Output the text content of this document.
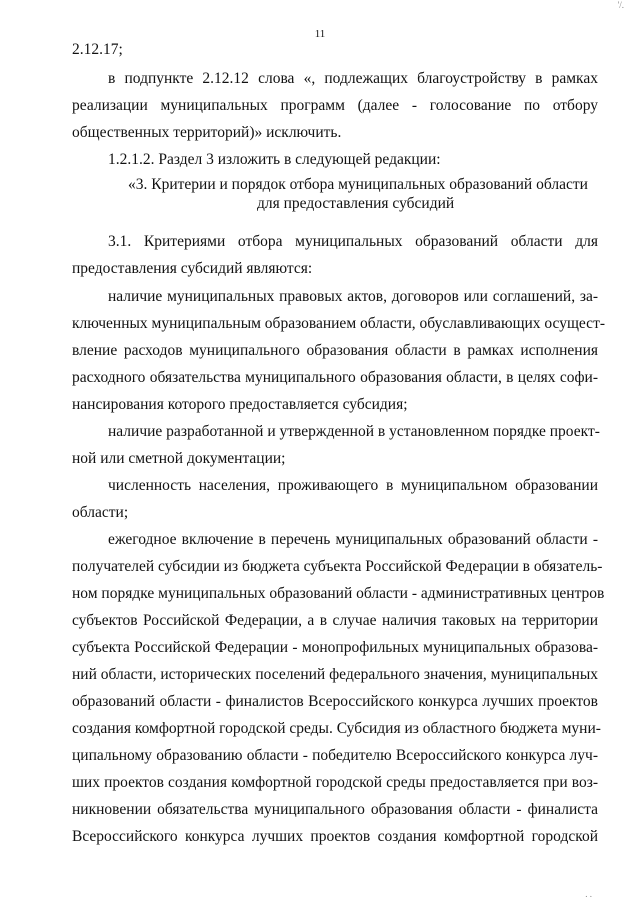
11
'/.
2.12.17;
в подпункте 2.12.12 слова «, подлежащих благоустройству в рамках
реализации муниципальных программ (далее - голосование по отбору
общественных территорий)» исключить.
1.2.1.2. Раздел 3 изложить в следующей редакции:
«3. Критерии и порядок отбора муниципальных образований области
для предоставления субсидий
3.1. Критериями отбора муниципальных образований области для
предоставления субсидий являются:
наличие муниципальных правовых актов, договоров или соглашений, за-
ключенных муниципальным образованием области, обуславливающих осущест-
вление расходов муниципального образования области в рамках исполнения
расходного обязательства муниципального образования области, в целях софи-
нансирования которого предоставляется субсидия;
наличие разработанной и утвержденной в установленном порядке проект-
ной или сметной документации;
численность населения, проживающего в муниципальном образовании
области;
ежегодное включение в перечень муниципальных образований области -
получателей субсидии из бюджета субъекта Российской Федерации в обязатель-
ном порядке муниципальных образований области - административных центров
субъектов Российской Федерации, а в случае наличия таковых на территории
субъекта Российской Федерации - монопрофильных муниципальных образова-
ний области, исторических поселений федерального значения, муниципальных
образований области - финалистов Всероссийского конкурса лучших проектов
создания комфортной городской среды. Субсидия из областного бюджета муни-
ципальному образованию области - победителю Всероссийского конкурса луч-
ших проектов создания комфортной городской среды предоставляется при воз-
никновении обязательства муниципального образования области - финалиста
Всероссийского конкурса лучших проектов создания комфортной городской
. .
